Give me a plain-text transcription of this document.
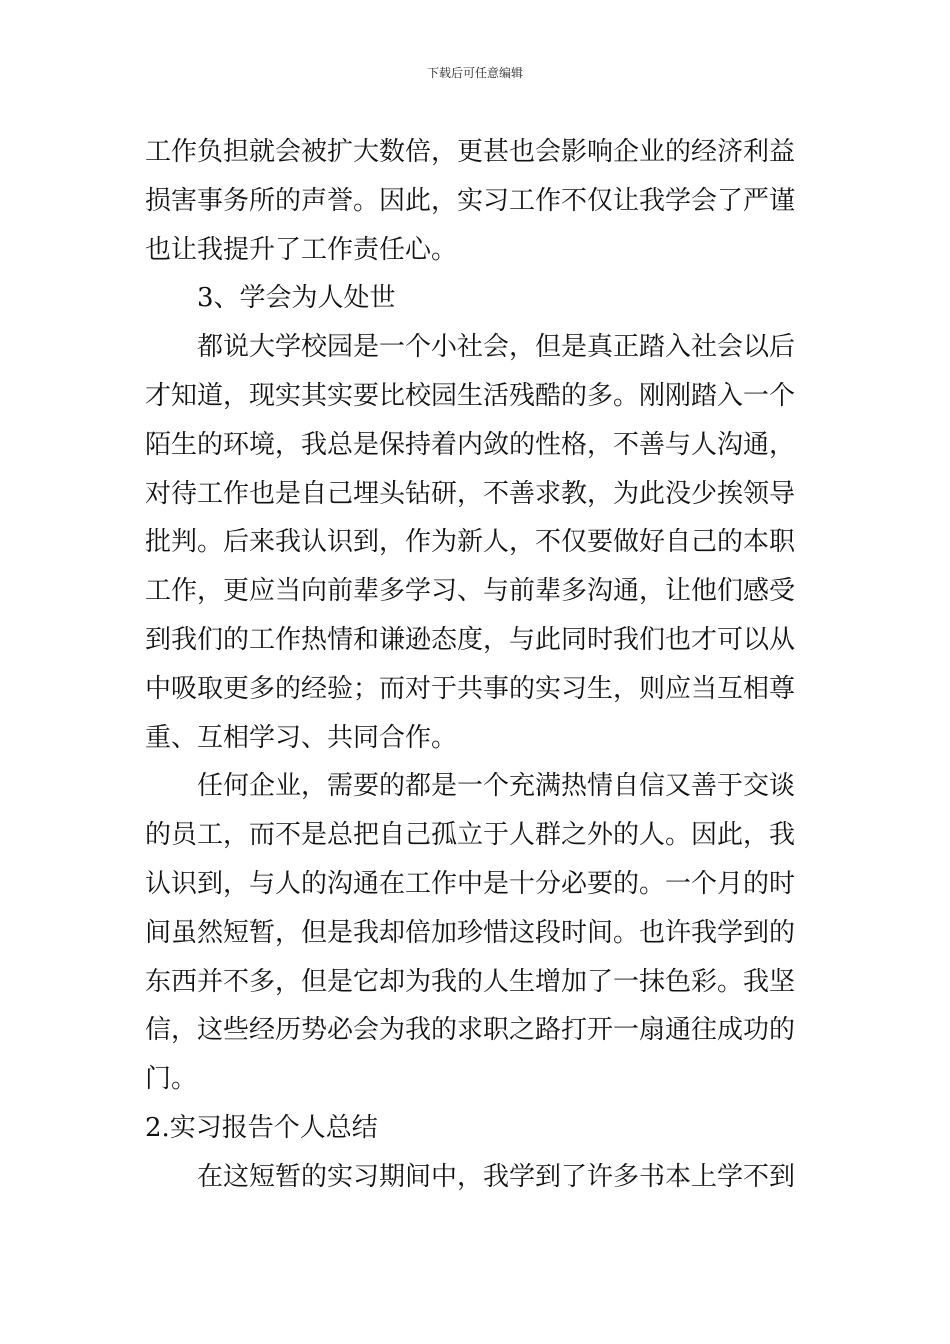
下载后可任意编辑
工作负担就会被扩大数倍，更甚也会影响企业的经济利益
损害事务所的声誉。因此，实习工作不仅让我学会了严谨
也让我提升了工作责任心。
3、学会为人处世
都说大学校园是一个小社会，但是真正踏入社会以后
才知道，现实其实要比校园生活残酷的多。刚刚踏入一个
陌生的环境，我总是保持着内敛的性格，不善与人沟通，
对待工作也是自己埋头钻研，不善求教，为此没少挨领导
批判。后来我认识到，作为新人，不仅要做好自己的本职
工作，更应当向前辈多学习、与前辈多沟通，让他们感受
到我们的工作热情和谦逊态度，与此同时我们也才可以从
中吸取更多的经验；而对于共事的实习生，则应当互相尊
重、互相学习、共同合作。
任何企业，需要的都是一个充满热情自信又善于交谈
的员工，而不是总把自己孤立于人群之外的人。因此，我
认识到，与人的沟通在工作中是十分必要的。一个月的时
间虽然短暂，但是我却倍加珍惜这段时间。也许我学到的
东西并不多，但是它却为我的人生增加了一抹色彩。我坚
信，这些经历势必会为我的求职之路打开一扇通往成功的
门。
2.实习报告个人总结
在这短暂的实习期间中，我学到了许多书本上学不到
